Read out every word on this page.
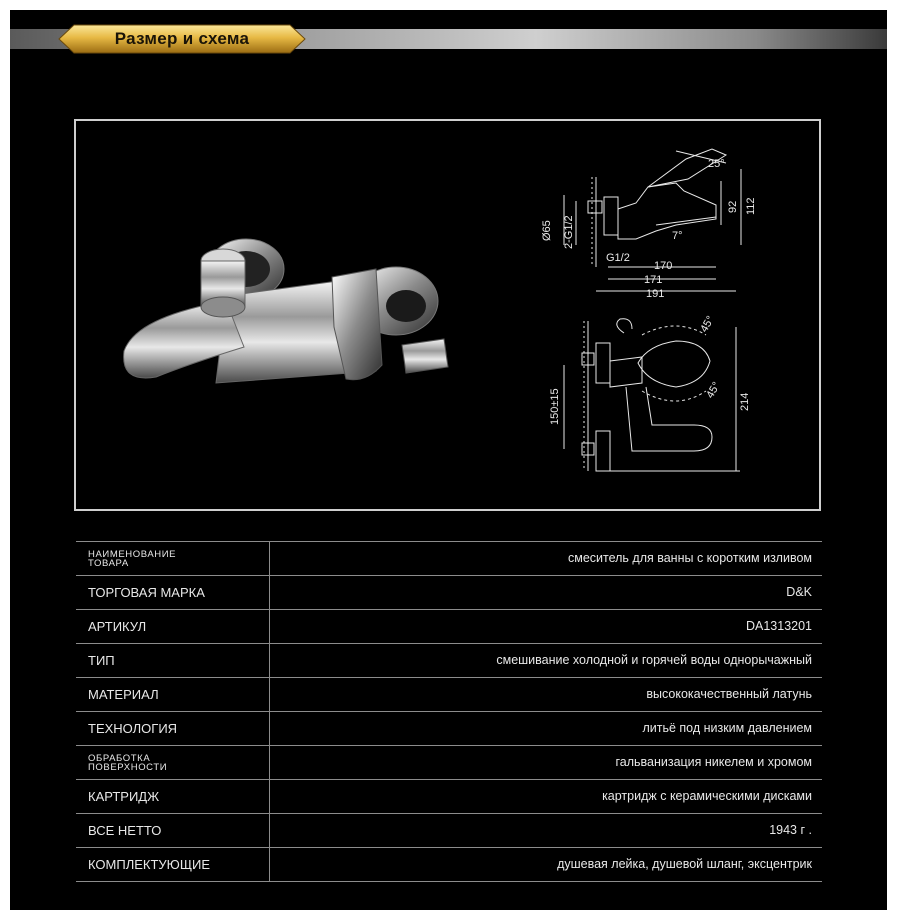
Размер и схема
25°
Ø65 2-G1/2
G1/2
7°
170
171
191
92 112
45°
45°
150±15	214
НАИМЕНОВАНИЕ
ТОВАРА	смеситель для ванны с коротким изливом
ТОРГОВАЯ МАРКА	D&K
АРТИКУЛ	DA1313201
ТИП	смешивание холодной и горячей воды однорычажный
МАТЕРИАЛ	высококачественный латунь
ТЕХНОЛОГИЯ	литьё под низким давлением
ОБРАБОТКА
ПОВЕРХНОСТИ	гальванизация никелем и хромом
КАРТРИДЖ	картридж с керамическими дисками
ВСЕ НЕТТО	1943 г .
КОМПЛЕКТУЮЩИЕ	душевая лейка, душевой шланг, эксцентрик
